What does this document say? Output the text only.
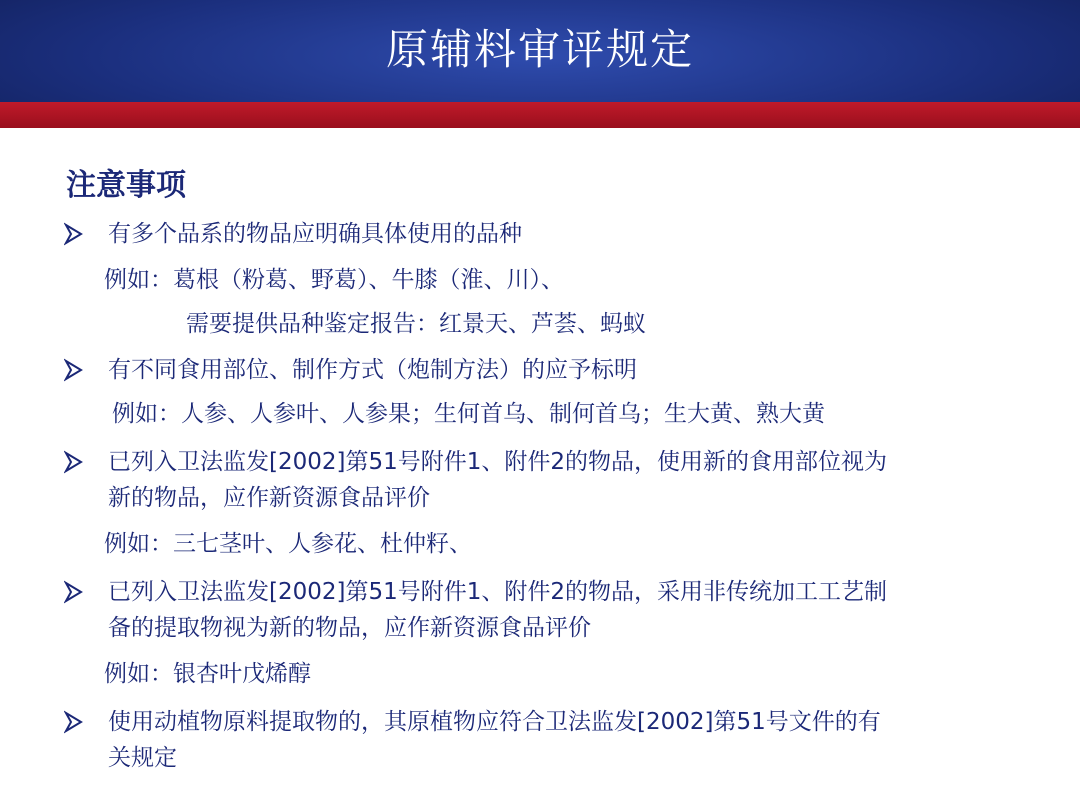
原辅料审评规定
注意事项
有多个品系的物品应明确具体使用的品种
例如：葛根（粉葛、野葛）、牛膝（淮、川）、
需要提供品种鉴定报告：红景天、芦荟、蚂蚁
有不同食用部位、制作方式（炮制方法）的应予标明
例如：人参、人参叶、人参果；生何首乌、制何首乌；生大黄、熟大黄
已列入卫法监发[2002]第51号附件1、附件2的物品，使用新的食用部位视为
新的物品，应作新资源食品评价
例如：三七茎叶、人参花、杜仲籽、
已列入卫法监发[2002]第51号附件1、附件2的物品，采用非传统加工工艺制
备的提取物视为新的物品，应作新资源食品评价
例如：银杏叶戊烯醇
使用动植物原料提取物的，其原植物应符合卫法监发[2002]第51号文件的有
关规定
